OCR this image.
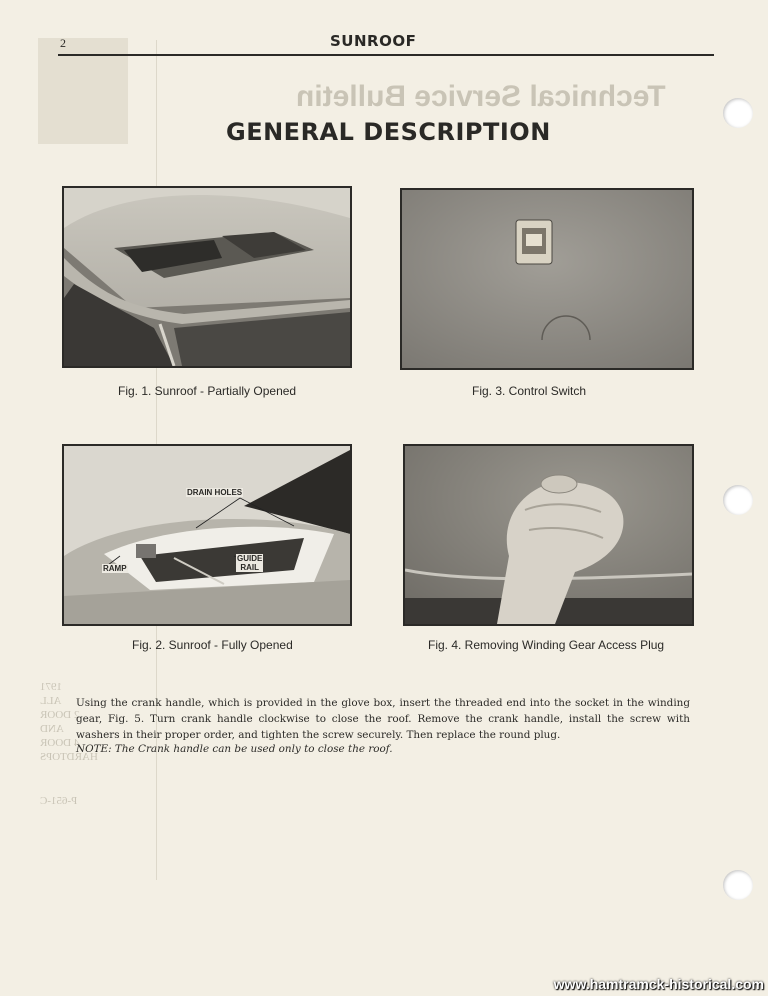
Technical Service Bulletin
1971
ALL
2 DOOR
AND
4 DOOR
HARDTOPS
P-651-C
2	SUNROOF
GENERAL DESCRIPTION
Fig. 1. Sunroof - Partially Opened	Fig. 3. Control Switch
DRAIN HOLES
RAMP
GUIDE
RAIL
Fig. 2. Sunroof - Fully Opened	Fig. 4. Removing Winding Gear Access Plug
Using the crank handle, which is provided in the glove box, insert the threaded end into the socket in the winding gear, Fig. 5. Turn crank handle clockwise to close the roof. Remove the crank handle, install the screw with washers in their proper order, and tighten the screw securely. Then replace the round plug.
NOTE: The Crank handle can be used only to close the roof.
www.hamtramck-historical.com
